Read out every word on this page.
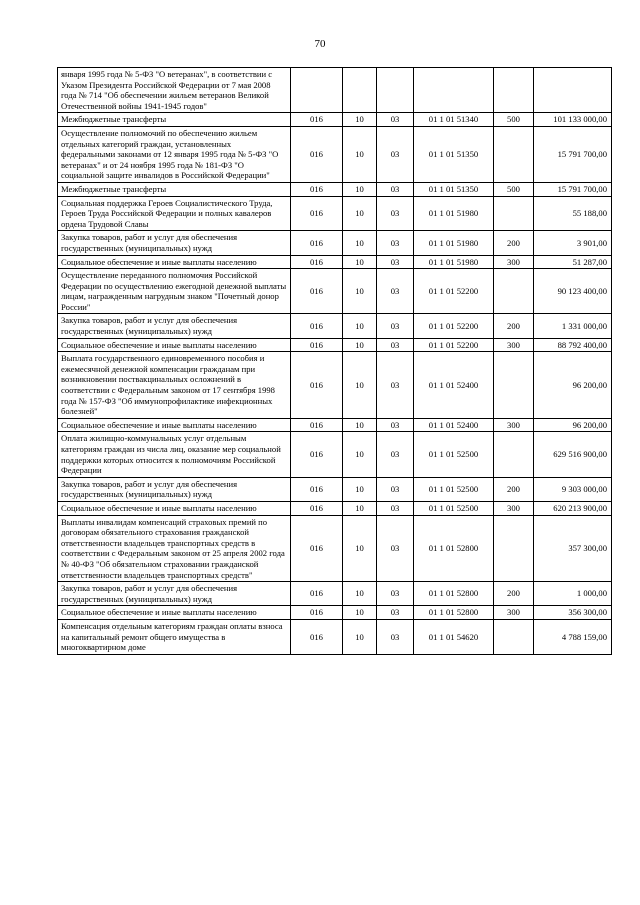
70
января 1995 года № 5-ФЗ "О ветеранах", в соответствии с Указом Президента Российской Федерации от 7 мая 2008 года № 714 "Об обеспечении жильем ветеранов Великой Отечественной войны 1941-1945 годов"						
Межбюджетные трансферты	016	10	03	01 1 01 51340	500	101 133 000,00
Осуществление полномочий по обеспечению жильем отдельных категорий граждан, установленных федеральными законами от 12 января 1995 года № 5-ФЗ "О ветеранах" и от 24 ноября 1995 года № 181-ФЗ "О социальной защите инвалидов в Российской Федерации"	016	10	03	01 1 01 51350		15 791 700,00
Межбюджетные трансферты	016	10	03	01 1 01 51350	500	15 791 700,00
Социальная поддержка Героев Социалистического Труда, Героев Труда Российской Федерации и полных кавалеров ордена Трудовой Славы	016	10	03	01 1 01 51980		55 188,00
Закупка товаров, работ и услуг для обеспечения государственных (муниципальных) нужд	016	10	03	01 1 01 51980	200	3 901,00
Социальное обеспечение и иные выплаты населению	016	10	03	01 1 01 51980	300	51 287,00
Осуществление переданного полномочия Российской Федерации по осуществлению ежегодной денежной выплаты лицам, награжденным нагрудным знаком "Почетный донор России"	016	10	03	01 1 01 52200		90 123 400,00
Закупка товаров, работ и услуг для обеспечения государственных (муниципальных) нужд	016	10	03	01 1 01 52200	200	1 331 000,00
Социальное обеспечение и иные выплаты населению	016	10	03	01 1 01 52200	300	88 792 400,00
Выплата государственного единовременного пособия и ежемесячной денежной компенсации гражданам при возникновении поствакцинальных осложнений в соответствии с Федеральным законом от 17 сентября 1998 года № 157-ФЗ "Об иммунопрофилактике инфекционных болезней"	016	10	03	01 1 01 52400		96 200,00
Социальное обеспечение и иные выплаты населению	016	10	03	01 1 01 52400	300	96 200,00
Оплата жилищно-коммунальных услуг отдельным категориям граждан из числа лиц, оказание мер социальной поддержки которых относится к полномочиям Российской Федерации	016	10	03	01 1 01 52500		629 516 900,00
Закупка товаров, работ и услуг для обеспечения государственных (муниципальных) нужд	016	10	03	01 1 01 52500	200	9 303 000,00
Социальное обеспечение и иные выплаты населению	016	10	03	01 1 01 52500	300	620 213 900,00
Выплаты инвалидам компенсаций страховых премий по договорам обязательного страхования гражданской ответственности владельцев транспортных средств в соответствии с Федеральным законом от 25 апреля 2002 года № 40-ФЗ "Об обязательном страховании гражданской ответственности владельцев транспортных средств"	016	10	03	01 1 01 52800		357 300,00
Закупка товаров, работ и услуг для обеспечения государственных (муниципальных) нужд	016	10	03	01 1 01 52800	200	1 000,00
Социальное обеспечение и иные выплаты населению	016	10	03	01 1 01 52800	300	356 300,00
Компенсация отдельным категориям граждан оплаты взноса на капитальный ремонт общего имущества в многоквартирном доме	016	10	03	01 1 01 54620		4 788 159,00
